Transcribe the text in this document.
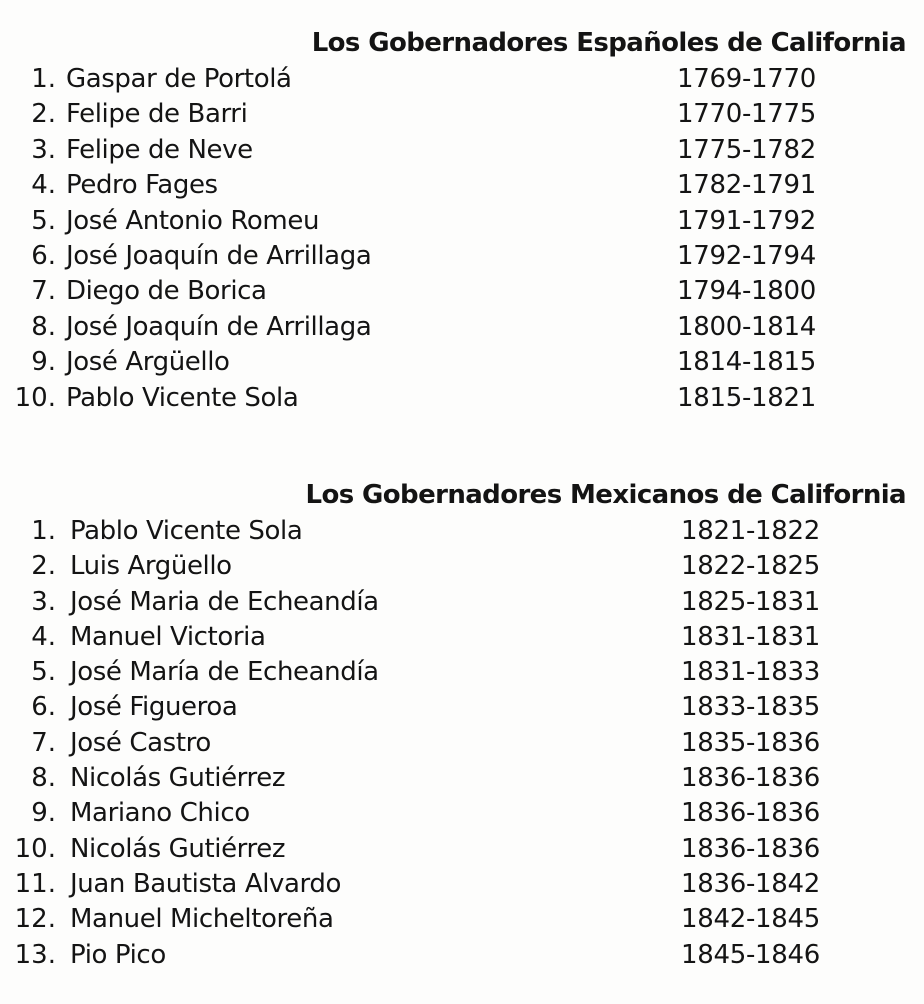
Los Gobernadores Españoles de California
1. Gaspar de Portolá	1769-1770
2. Felipe de Barri	1770-1775
3. Felipe de Neve	1775-1782
4. Pedro Fages	1782-1791
5. José Antonio Romeu	1791-1792
6. José Joaquín de Arrillaga	1792-1794
7. Diego de Borica	1794-1800
8. José Joaquín de Arrillaga	1800-1814
9. José Argüello	1814-1815
10. Pablo Vicente Sola	1815-1821
Los Gobernadores Mexicanos de California
1. Pablo Vicente Sola	1821-1822
2. Luis Argüello	1822-1825
3. José Maria de Echeandía	1825-1831
4. Manuel Victoria	1831-1831
5. José María de Echeandía	1831-1833
6. José Figueroa	1833-1835
7. José Castro	1835-1836
8. Nicolás Gutiérrez	1836-1836
9. Mariano Chico	1836-1836
10. Nicolás Gutiérrez	1836-1836
11. Juan Bautista Alvardo	1836-1842
12. Manuel Micheltoreña	1842-1845
13. Pio Pico	1845-1846
